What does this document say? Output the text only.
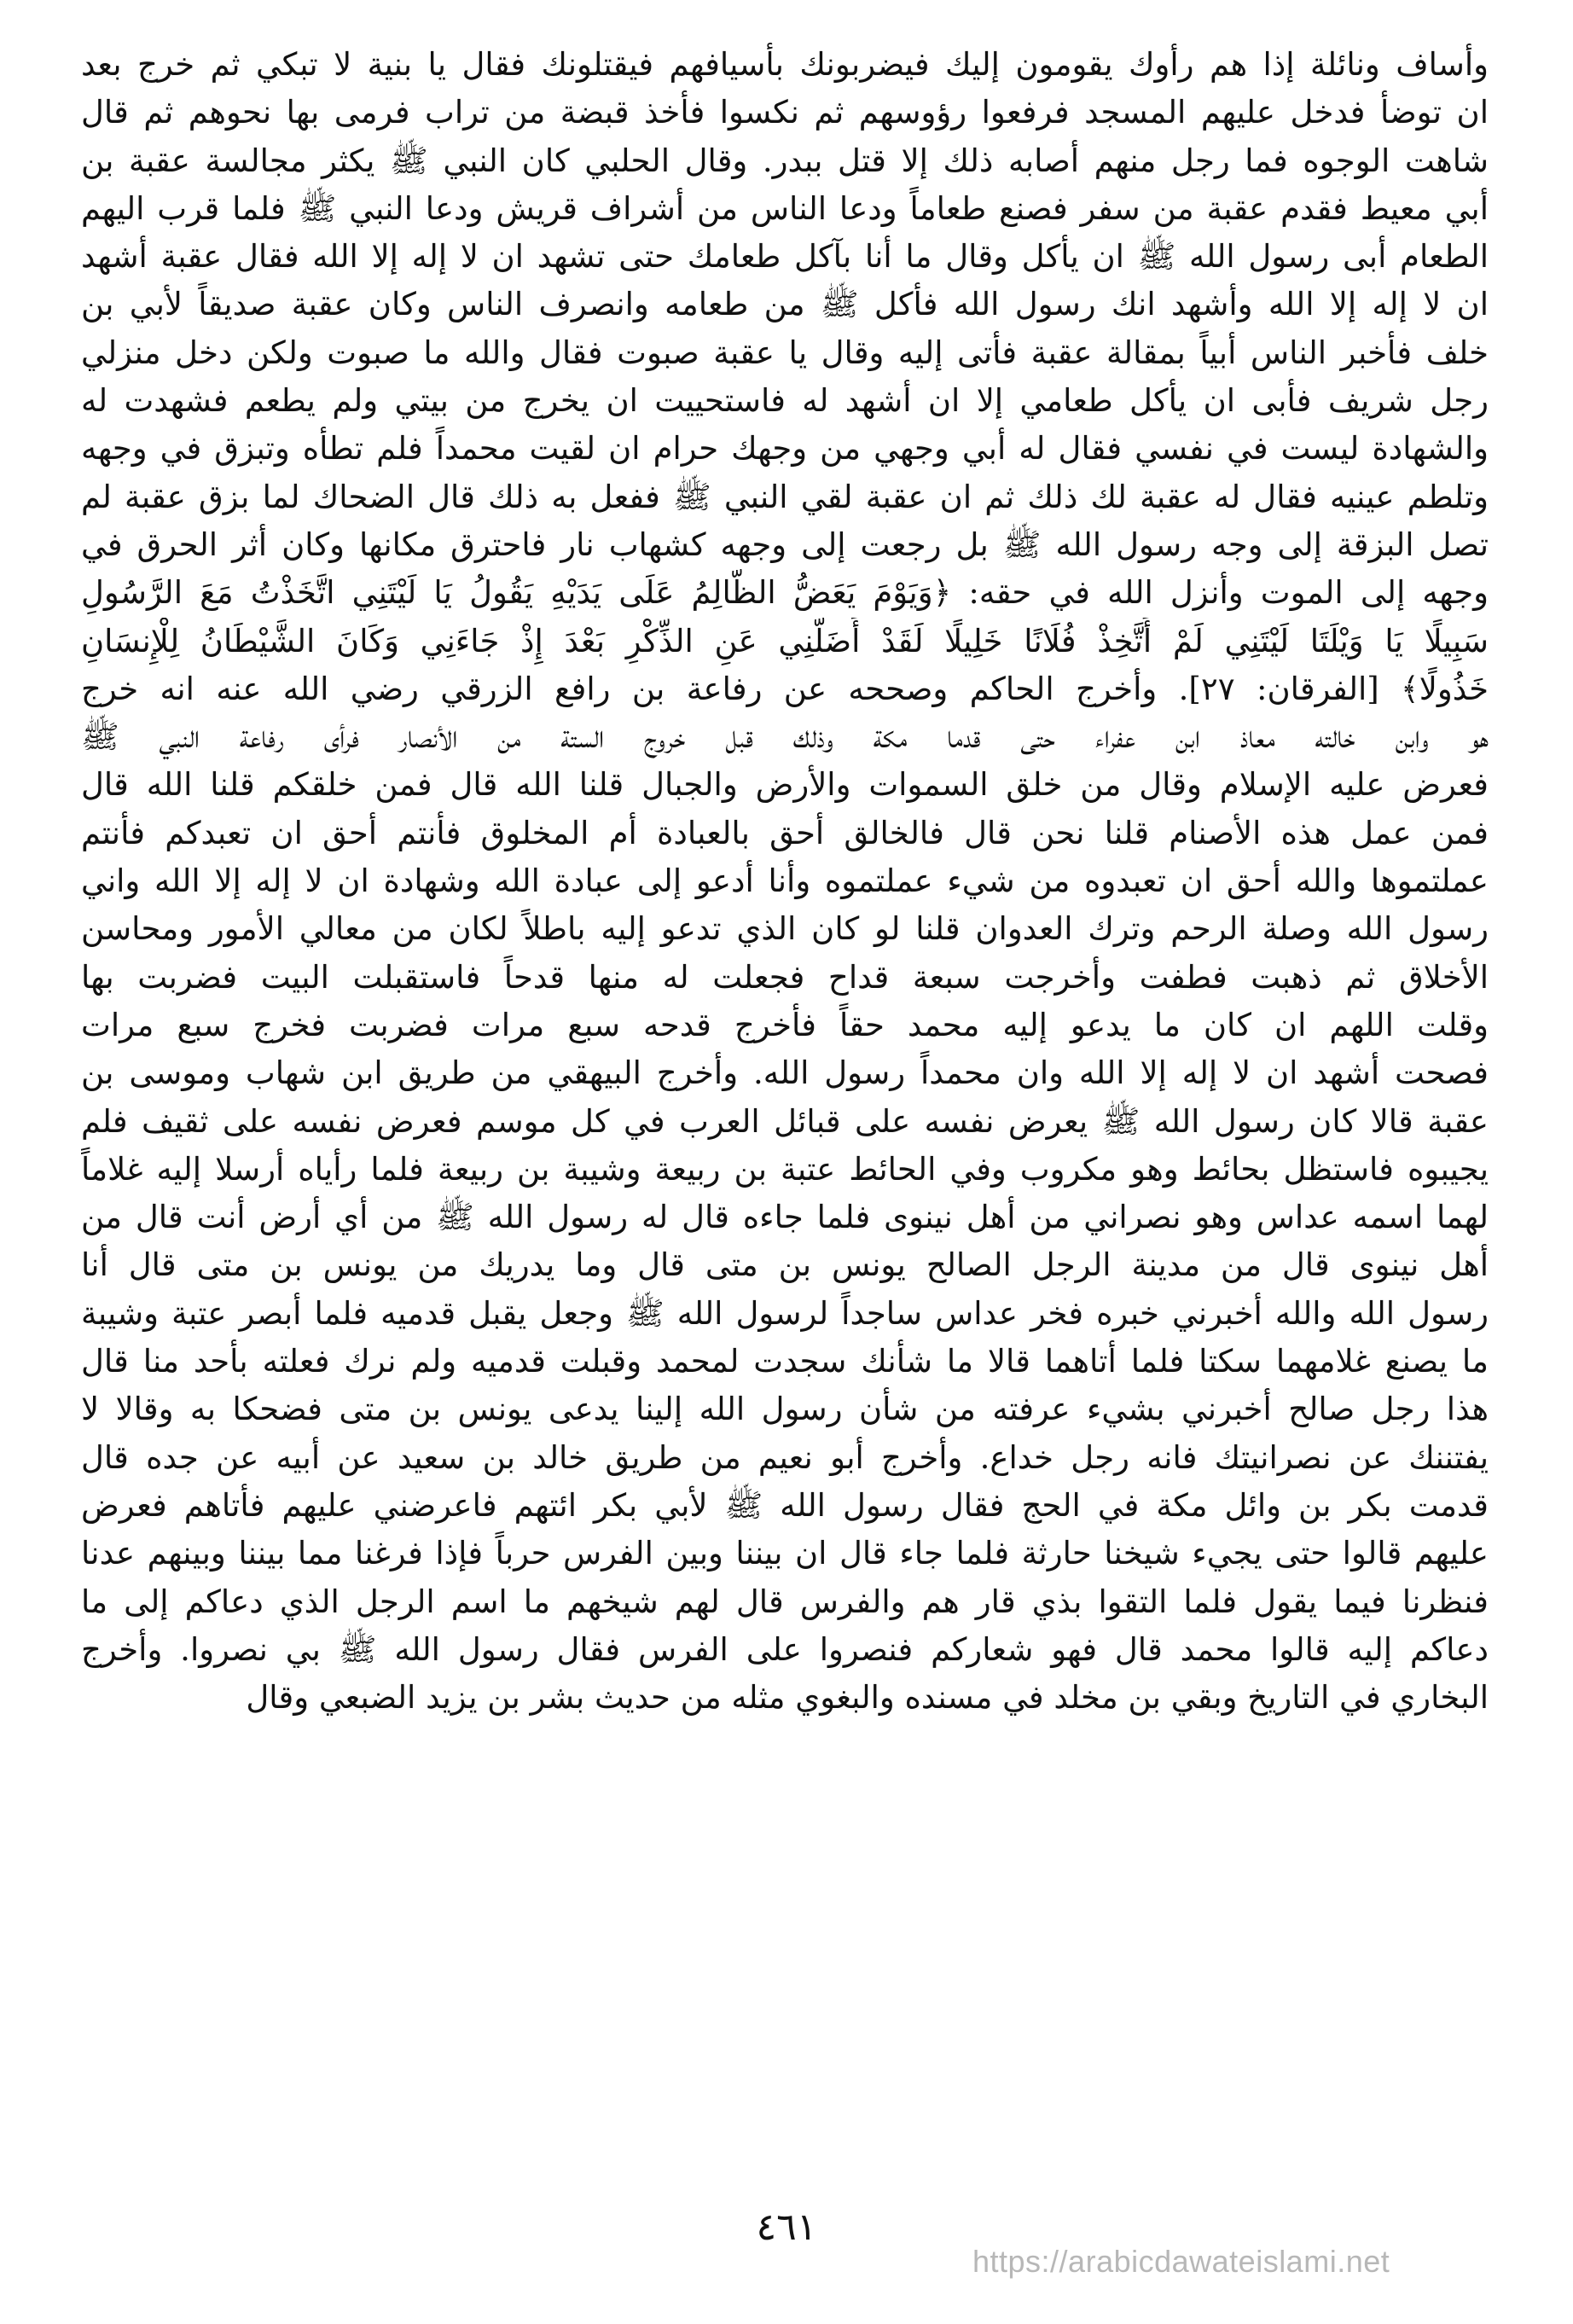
وأساف ونائلة إذا هم رأوك يقومون إليك فيضربونك بأسيافهم فيقتلونك فقال يا بنية لا تبكي ثم خرج بعد
ان توضأ فدخل عليهم المسجد فرفعوا رؤوسهم ثم نكسوا فأخذ قبضة من تراب فرمى بها نحوهم ثم قال
شاهت الوجوه فما رجل منهم أصابه ذلك إلا قتل ببدر. وقال الحلبي كان النبي ﷺ يكثر مجالسة عقبة بن
أبي معيط فقدم عقبة من سفر فصنع طعاماً ودعا الناس من أشراف قريش ودعا النبي ﷺ فلما قرب اليهم
الطعام أبى رسول الله ﷺ ان يأكل وقال ما أنا بآكل طعامك حتى تشهد ان لا إله إلا الله فقال عقبة أشهد
ان لا إله إلا الله وأشهد انك رسول الله فأكل ﷺ من طعامه وانصرف الناس وكان عقبة صديقاً لأبي بن
خلف فأخبر الناس أبياً بمقالة عقبة فأتى إليه وقال يا عقبة صبوت فقال والله ما صبوت ولكن دخل منزلي
رجل شريف فأبى ان يأكل طعامي إلا ان أشهد له فاستحييت ان يخرج من بيتي ولم يطعم فشهدت له
والشهادة ليست في نفسي فقال له أبي وجهي من وجهك حرام ان لقيت محمداً فلم تطأه وتبزق في وجهه
وتلطم عينيه فقال له عقبة لك ذلك ثم ان عقبة لقي النبي ﷺ ففعل به ذلك قال الضحاك لما بزق عقبة لم
تصل البزقة إلى وجه رسول الله ﷺ بل رجعت إلى وجهه كشهاب نار فاحترق مكانها وكان أثر الحرق في
وجهه إلى الموت وأنزل الله في حقه: ﴿وَيَوْمَ يَعَضُّ الظَّالِمُ عَلَى يَدَيْهِ يَقُولُ يَا لَيْتَنِي اتَّخَذْتُ مَعَ الرَّسُولِ
سَبِيلًا يَا وَيْلَتَا لَيْتَنِي لَمْ أَتَّخِذْ فُلَانًا خَلِيلًا لَقَدْ أَضَلَّنِي عَنِ الذِّكْرِ بَعْدَ إِذْ جَاءَنِي وَكَانَ الشَّيْطَانُ لِلْإِنسَانِ
خَذُولًا﴾ [الفرقان: ٢٧]. وأخرج الحاكم وصححه عن رفاعة بن رافع الزرقي رضي الله عنه انه خرج
هو وابن خالته معاذ ابن عفراء حتى قدما مكة وذلك قبل خروج الستة من الأنصار فرأى رفاعة النبي ﷺ
فعرض عليه الإسلام وقال من خلق السموات والأرض والجبال قلنا الله قال فمن خلقكم قلنا الله قال
فمن عمل هذه الأصنام قلنا نحن قال فالخالق أحق بالعبادة أم المخلوق فأنتم أحق ان تعبدكم فأنتم
عملتموها والله أحق ان تعبدوه من شيء عملتموه وأنا أدعو إلى عبادة الله وشهادة ان لا إله إلا الله واني
رسول الله وصلة الرحم وترك العدوان قلنا لو كان الذي تدعو إليه باطلاً لكان من معالي الأمور ومحاسن
الأخلاق ثم ذهبت فطفت وأخرجت سبعة قداح فجعلت له منها قدحاً فاستقبلت البيت فضربت بها
وقلت اللهم ان كان ما يدعو إليه محمد حقاً فأخرج قدحه سبع مرات فضربت فخرج سبع مرات
فصحت أشهد ان لا إله إلا الله وان محمداً رسول الله. وأخرج البيهقي من طريق ابن شهاب وموسى بن
عقبة قالا كان رسول الله ﷺ يعرض نفسه على قبائل العرب في كل موسم فعرض نفسه على ثقيف فلم
يجيبوه فاستظل بحائط وهو مكروب وفي الحائط عتبة بن ربيعة وشيبة بن ربيعة فلما رأياه أرسلا إليه غلاماً
لهما اسمه عداس وهو نصراني من أهل نينوى فلما جاءه قال له رسول الله ﷺ من أي أرض أنت قال من
أهل نينوى قال من مدينة الرجل الصالح يونس بن متى قال وما يدريك من يونس بن متى قال أنا
رسول الله والله أخبرني خبره فخر عداس ساجداً لرسول الله ﷺ وجعل يقبل قدميه فلما أبصر عتبة وشيبة
ما يصنع غلامهما سكتا فلما أتاهما قالا ما شأنك سجدت لمحمد وقبلت قدميه ولم نرك فعلته بأحد منا قال
هذا رجل صالح أخبرني بشيء عرفته من شأن رسول الله إلينا يدعى يونس بن متى فضحكا به وقالا لا
يفتننك عن نصرانيتك فانه رجل خداع. وأخرج أبو نعيم من طريق خالد بن سعيد عن أبيه عن جده قال
قدمت بكر بن وائل مكة في الحج فقال رسول الله ﷺ لأبي بكر ائتهم فاعرضني عليهم فأتاهم فعرض
عليهم قالوا حتى يجيء شيخنا حارثة فلما جاء قال ان بيننا وبين الفرس حرباً فإذا فرغنا مما بيننا وبينهم عدنا
فنظرنا فيما يقول فلما التقوا بذي قار هم والفرس قال لهم شيخهم ما اسم الرجل الذي دعاكم إلى ما
دعاكم إليه قالوا محمد قال فهو شعاركم فنصروا على الفرس فقال رسول الله ﷺ بي نصروا. وأخرج
البخاري في التاريخ وبقي بن مخلد في مسنده والبغوي مثله من حديث بشر بن يزيد الضبعي وقال
٤٦١
https://arabicdawateislami.net
